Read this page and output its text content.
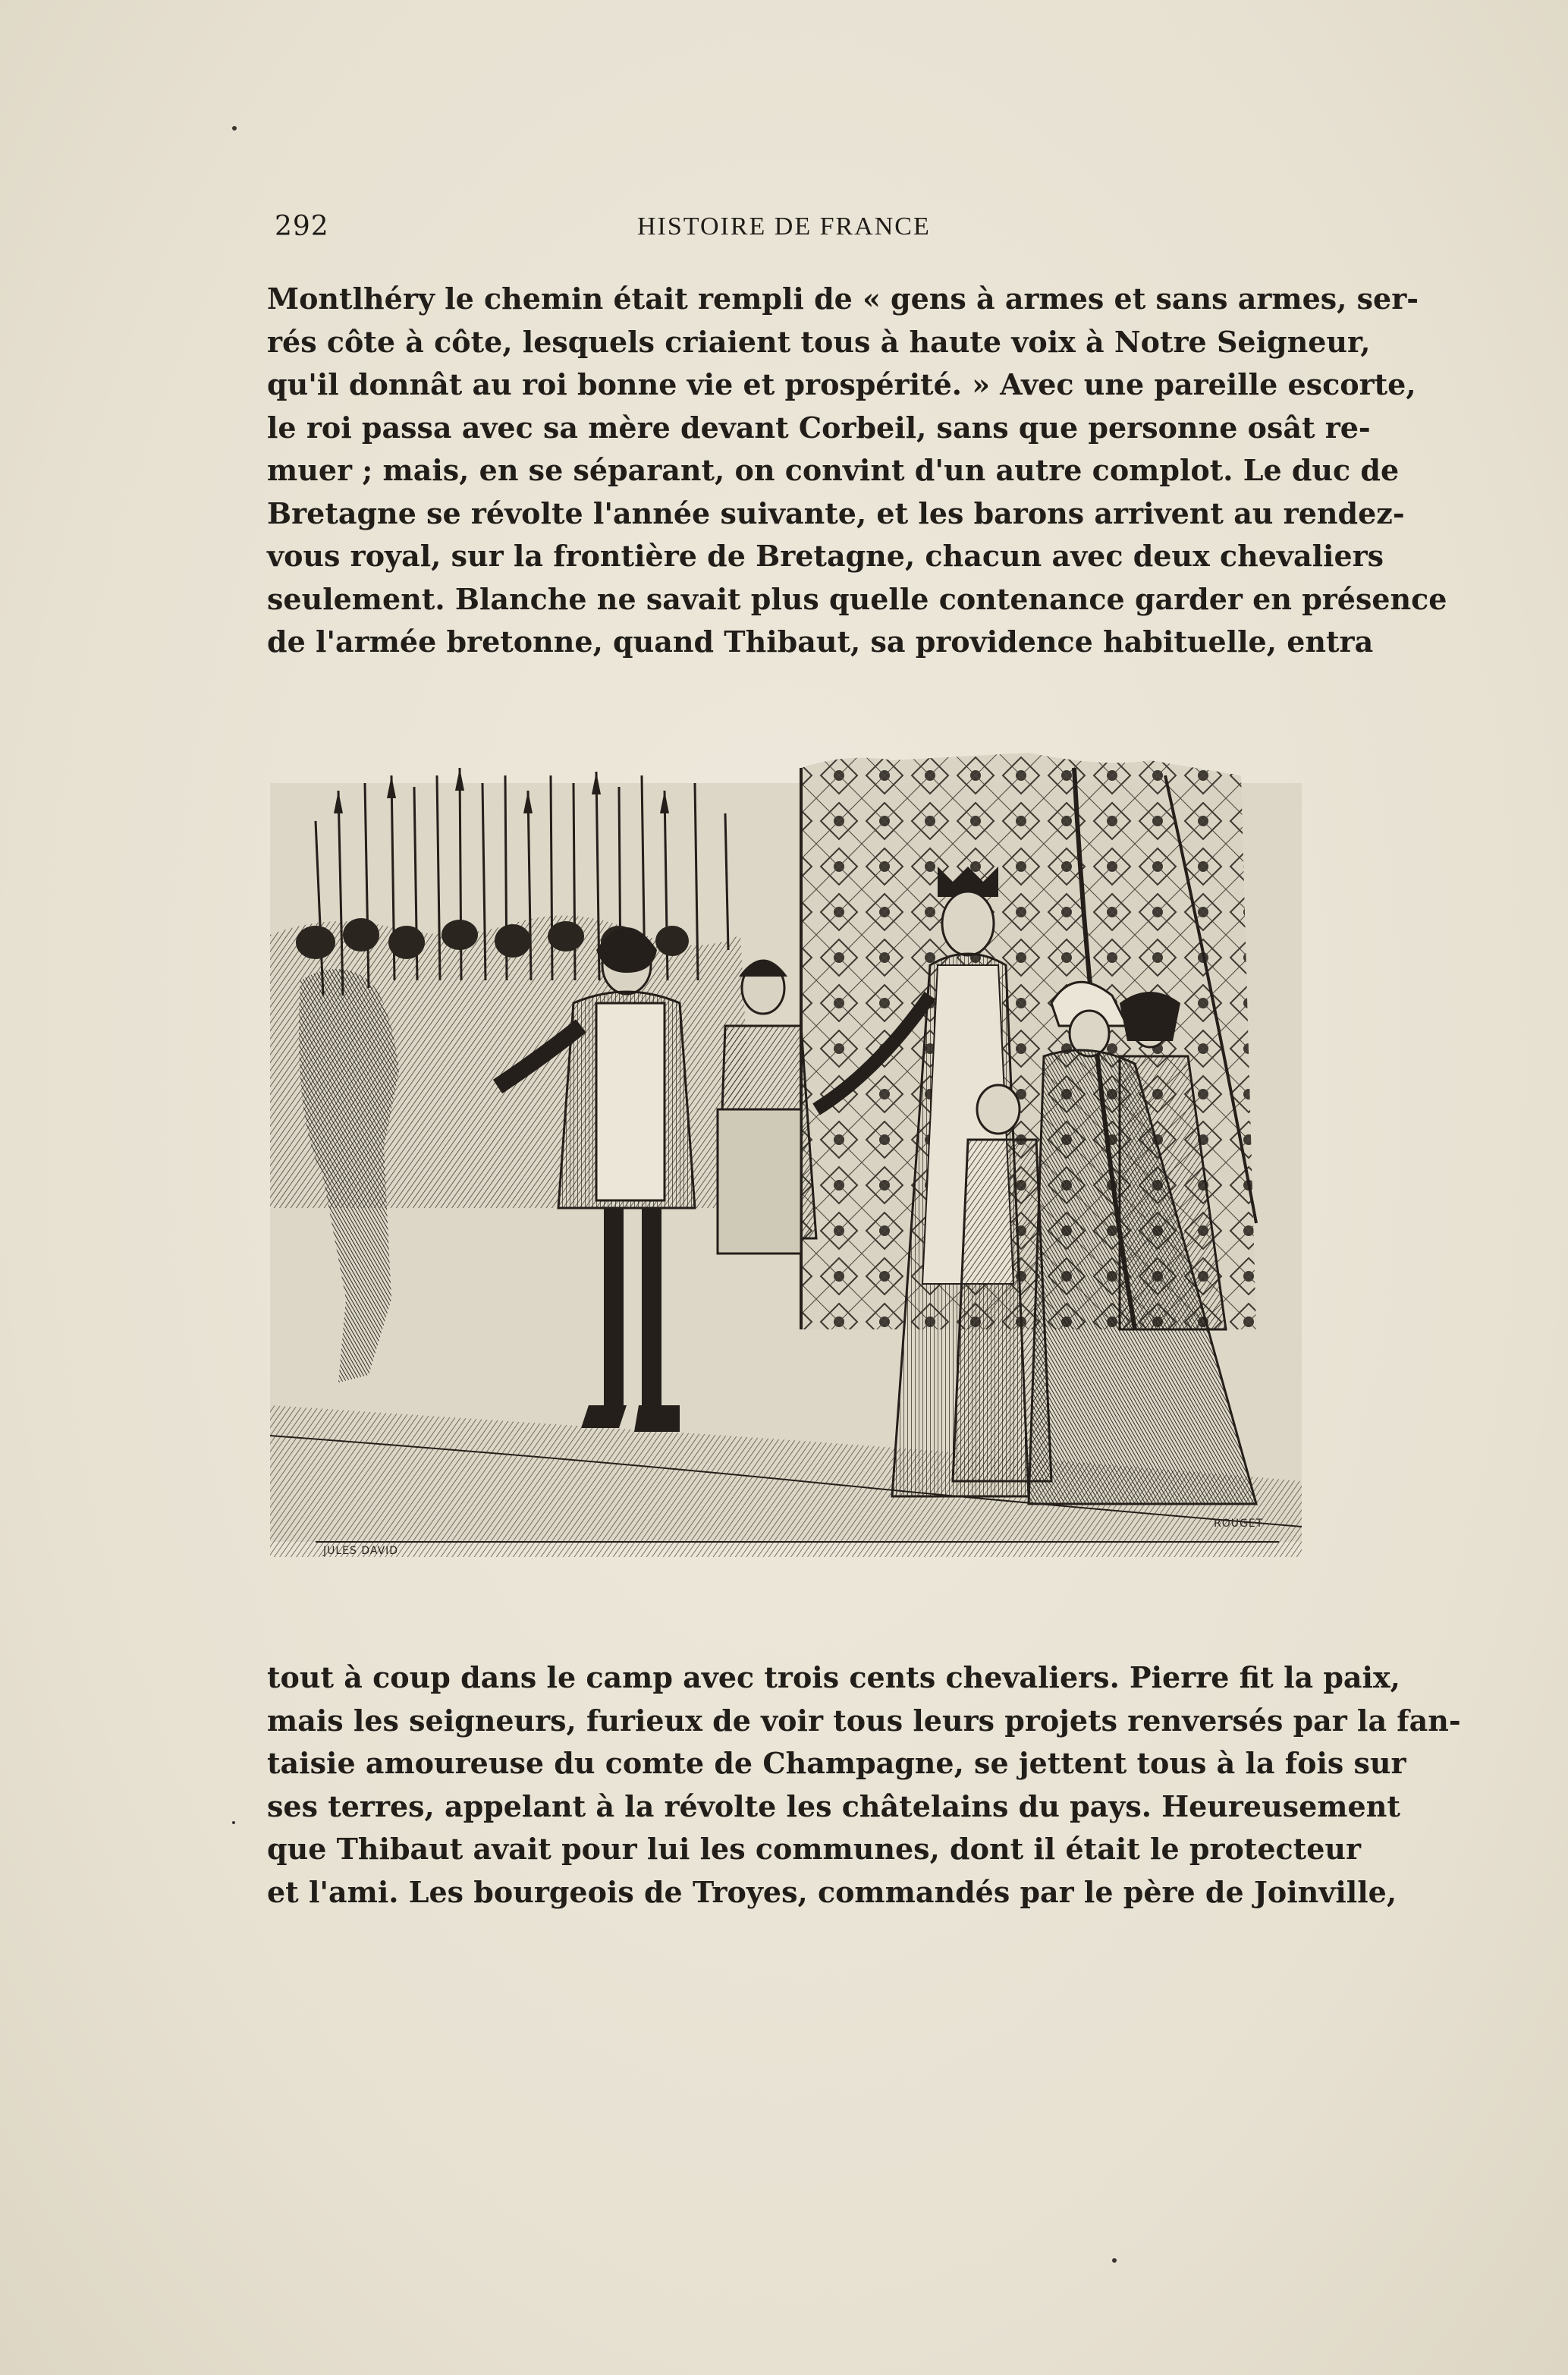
292	HISTOIRE DE FRANCE
Montlhéry le chemin était rempli de « gens à armes et sans armes, ser-
rés côte à côte, lesquels criaient tous à haute voix à Notre Seigneur,
qu'il donnât au roi bonne vie et prospérité. » Avec une pareille escorte,
le roi passa avec sa mère devant Corbeil, sans que personne osât re-
muer ; mais, en se séparant, on convint d'un autre complot. Le duc de
Bretagne se révolte l'année suivante, et les barons arrivent au rendez-
vous royal, sur la frontière de Bretagne, chacun avec deux chevaliers
seulement. Blanche ne savait plus quelle contenance garder en présence
de l'armée bretonne, quand Thibaut, sa providence habituelle, entra
JULES DAVID
ROUGET
tout à coup dans le camp avec trois cents chevaliers. Pierre fit la paix,
mais les seigneurs, furieux de voir tous leurs projets renversés par la fan-
taisie amoureuse du comte de Champagne, se jettent tous à la fois sur
ses terres, appelant à la révolte les châtelains du pays. Heureusement
que Thibaut avait pour lui les communes, dont il était le protecteur
et l'ami. Les bourgeois de Troyes, commandés par le père de Joinville,
